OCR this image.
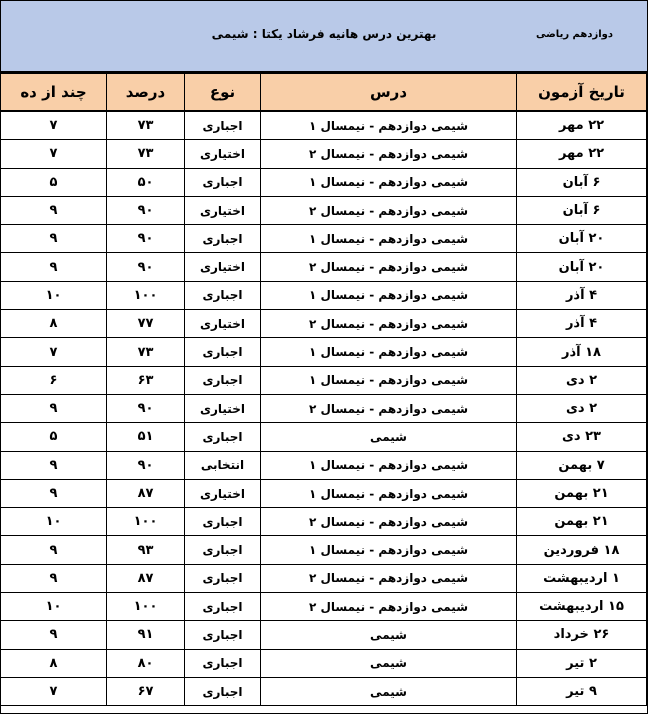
دوازدهم ریاضی
بهترین درس هانیه فرشاد یکتا : شیمی
تاریخ آزمون	درس	نوع	درصد	چند از ده
۲۲ مهر	شیمی دوازدهم - نیمسال ۱	اجباری	۷۳	۷
۲۲ مهر	شیمی دوازدهم - نیمسال ۲	اختیاری	۷۳	۷
۶ آبان	شیمی دوازدهم - نیمسال ۱	اجباری	۵۰	۵
۶ آبان	شیمی دوازدهم - نیمسال ۲	اختیاری	۹۰	۹
۲۰ آبان	شیمی دوازدهم - نیمسال ۱	اجباری	۹۰	۹
۲۰ آبان	شیمی دوازدهم - نیمسال ۲	اختیاری	۹۰	۹
۴ آذر	شیمی دوازدهم - نیمسال ۱	اجباری	۱۰۰	۱۰
۴ آذر	شیمی دوازدهم - نیمسال ۲	اختیاری	۷۷	۸
۱۸ آذر	شیمی دوازدهم - نیمسال ۱	اجباری	۷۳	۷
۲ دی	شیمی دوازدهم - نیمسال ۱	اجباری	۶۳	۶
۲ دی	شیمی دوازدهم - نیمسال ۲	اختیاری	۹۰	۹
۲۳ دی	شیمی	اجباری	۵۱	۵
۷ بهمن	شیمی دوازدهم - نیمسال ۱	انتخابی	۹۰	۹
۲۱ بهمن	شیمی دوازدهم - نیمسال ۱	اختیاری	۸۷	۹
۲۱ بهمن	شیمی دوازدهم - نیمسال ۲	اجباری	۱۰۰	۱۰
۱۸ فروردین	شیمی دوازدهم - نیمسال ۱	اجباری	۹۳	۹
۱ اردیبهشت	شیمی دوازدهم - نیمسال ۲	اجباری	۸۷	۹
۱۵ اردیبهشت	شیمی دوازدهم - نیمسال ۲	اجباری	۱۰۰	۱۰
۲۶ خرداد	شیمی	اجباری	۹۱	۹
۲ تیر	شیمی	اجباری	۸۰	۸
۹ تیر	شیمی	اجباری	۶۷	۷
